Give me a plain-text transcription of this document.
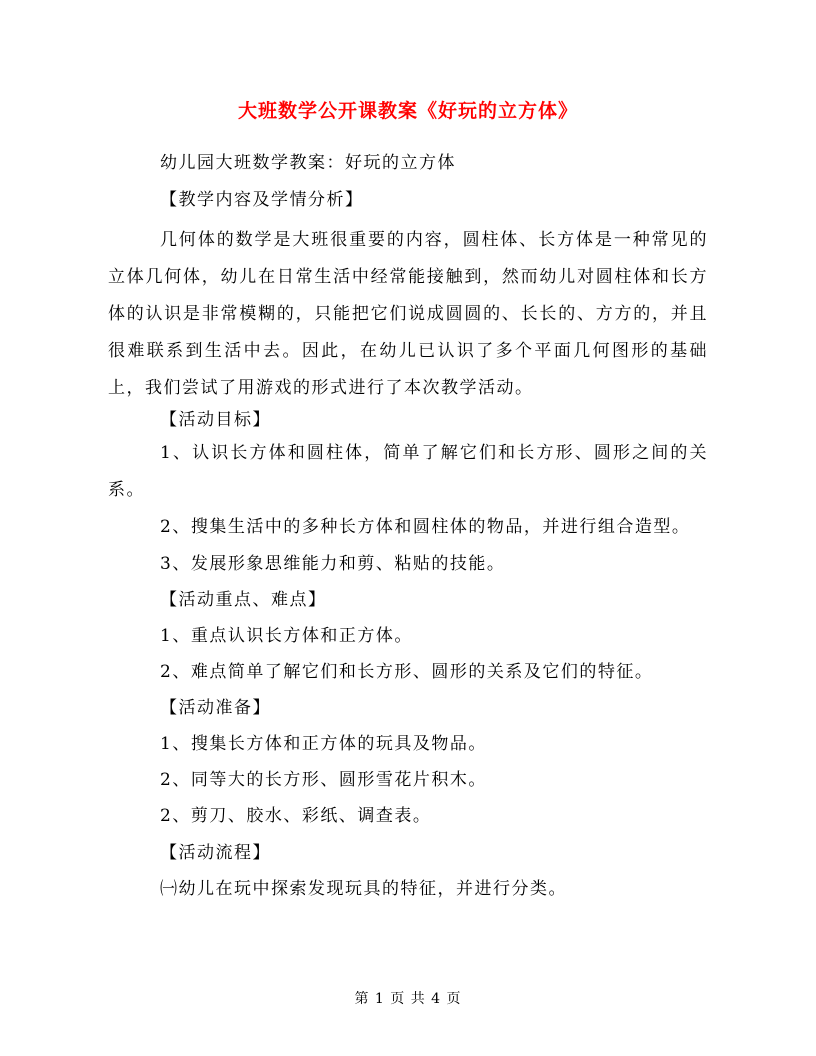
大班数学公开课教案《好玩的立方体》
幼儿园大班数学教案：好玩的立方体
【教学内容及学情分析】
几何体的数学是大班很重要的内容，圆柱体、长方体是一种常见的立体几何体，幼儿在日常生活中经常能接触到，然而幼儿对圆柱体和长方体的认识是非常模糊的，只能把它们说成圆圆的、长长的、方方的，并且很难联系到生活中去。因此，在幼儿已认识了多个平面几何图形的基础上，我们尝试了用游戏的形式进行了本次教学活动。
【活动目标】
1、认识长方体和圆柱体，简单了解它们和长方形、圆形之间的关系。
2、搜集生活中的多种长方体和圆柱体的物品，并进行组合造型。
3、发展形象思维能力和剪、粘贴的技能。
【活动重点、难点】
1、重点认识长方体和正方体。
2、难点简单了解它们和长方形、圆形的关系及它们的特征。
【活动准备】
1、搜集长方体和正方体的玩具及物品。
2、同等大的长方形、圆形雪花片积木。
2、剪刀、胶水、彩纸、调查表。
【活动流程】
㈠幼儿在玩中探索发现玩具的特征，并进行分类。
第 1 页 共 4 页
